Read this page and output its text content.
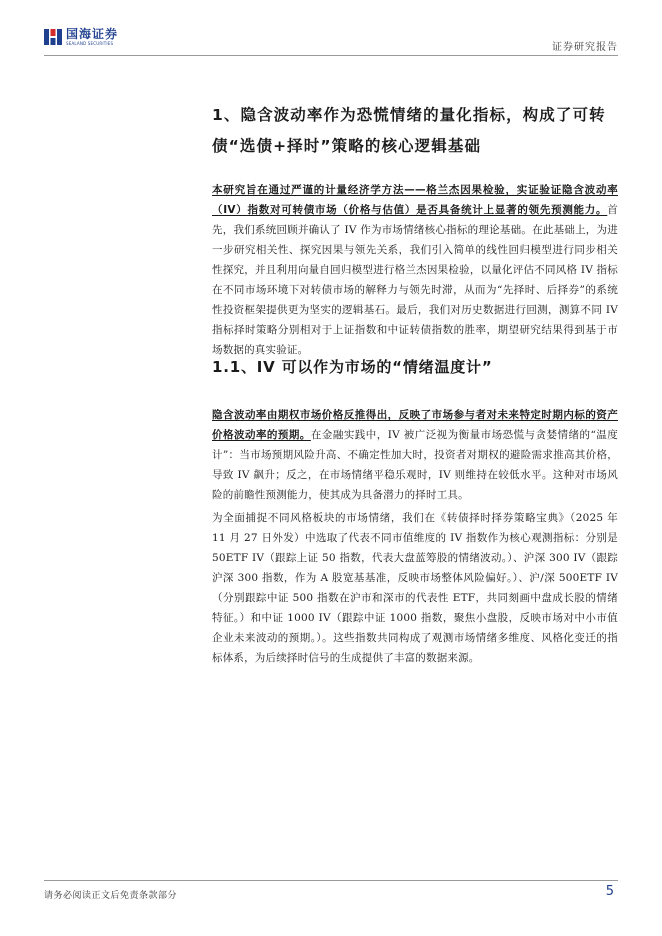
国海证券
SEALAND SECURITIES	证券研究报告
1、隐含波动率作为恐慌情绪的量化指标，构成了可转债“选债+择时”策略的核心逻辑基础

本研究旨在通过严谨的计量经济学方法——格兰杰因果检验，实证验证隐含波动率（IV）指数对可转债市场（价格与估值）是否具备统计上显著的领先预测能力。首先，我们系统回顾并确认了 IV 作为市场情绪核心指标的理论基础。在此基础上，为进一步研究相关性、探究因果与领先关系，我们引入简单的线性回归模型进行同步相关性探究，并且利用向量自回归模型进行格兰杰因果检验，以量化评估不同风格 IV 指标在不同市场环境下对转债市场的解释力与领先时滞，从而为“先择时、后择券”的系统性投资框架提供更为坚实的逻辑基石。最后，我们对历史数据进行回测，测算不同 IV 指标择时策略分别相对于上证指数和中证转债指数的胜率，期望研究结果得到基于市场数据的真实验证。

1.1、IV 可以作为市场的“情绪温度计”

隐含波动率由期权市场价格反推得出，反映了市场参与者对未来特定时期内标的资产价格波动率的预期。在金融实践中，IV 被广泛视为衡量市场恐慌与贪婪情绪的“温度计”：当市场预期风险升高、不确定性加大时，投资者对期权的避险需求推高其价格，导致 IV 飙升；反之，在市场情绪平稳乐观时，IV 则维持在较低水平。这种对市场风险的前瞻性预测能力，使其成为具备潜力的择时工具。

为全面捕捉不同风格板块的市场情绪，我们在《转债择时择券策略宝典》（2025 年 11 月 27 日外发）中选取了代表不同市值维度的 IV 指数作为核心观测指标：分别是 50ETF IV（跟踪上证 50 指数，代表大盘蓝筹股的情绪波动。）、沪深 300 IV（跟踪沪深 300 指数，作为 A 股宽基基准，反映市场整体风险偏好。）、沪/深 500ETF IV（分别跟踪中证 500 指数在沪市和深市的代表性 ETF，共同刻画中盘成长股的情绪特征。）和中证 1000 IV（跟踪中证 1000 指数，聚焦小盘股，反映市场对中小市值企业未来波动的预期。）。这些指数共同构成了观测市场情绪多维度、风格化变迁的指标体系，为后续择时信号的生成提供了丰富的数据来源。

请务必阅读正文后免责条款部分	5
